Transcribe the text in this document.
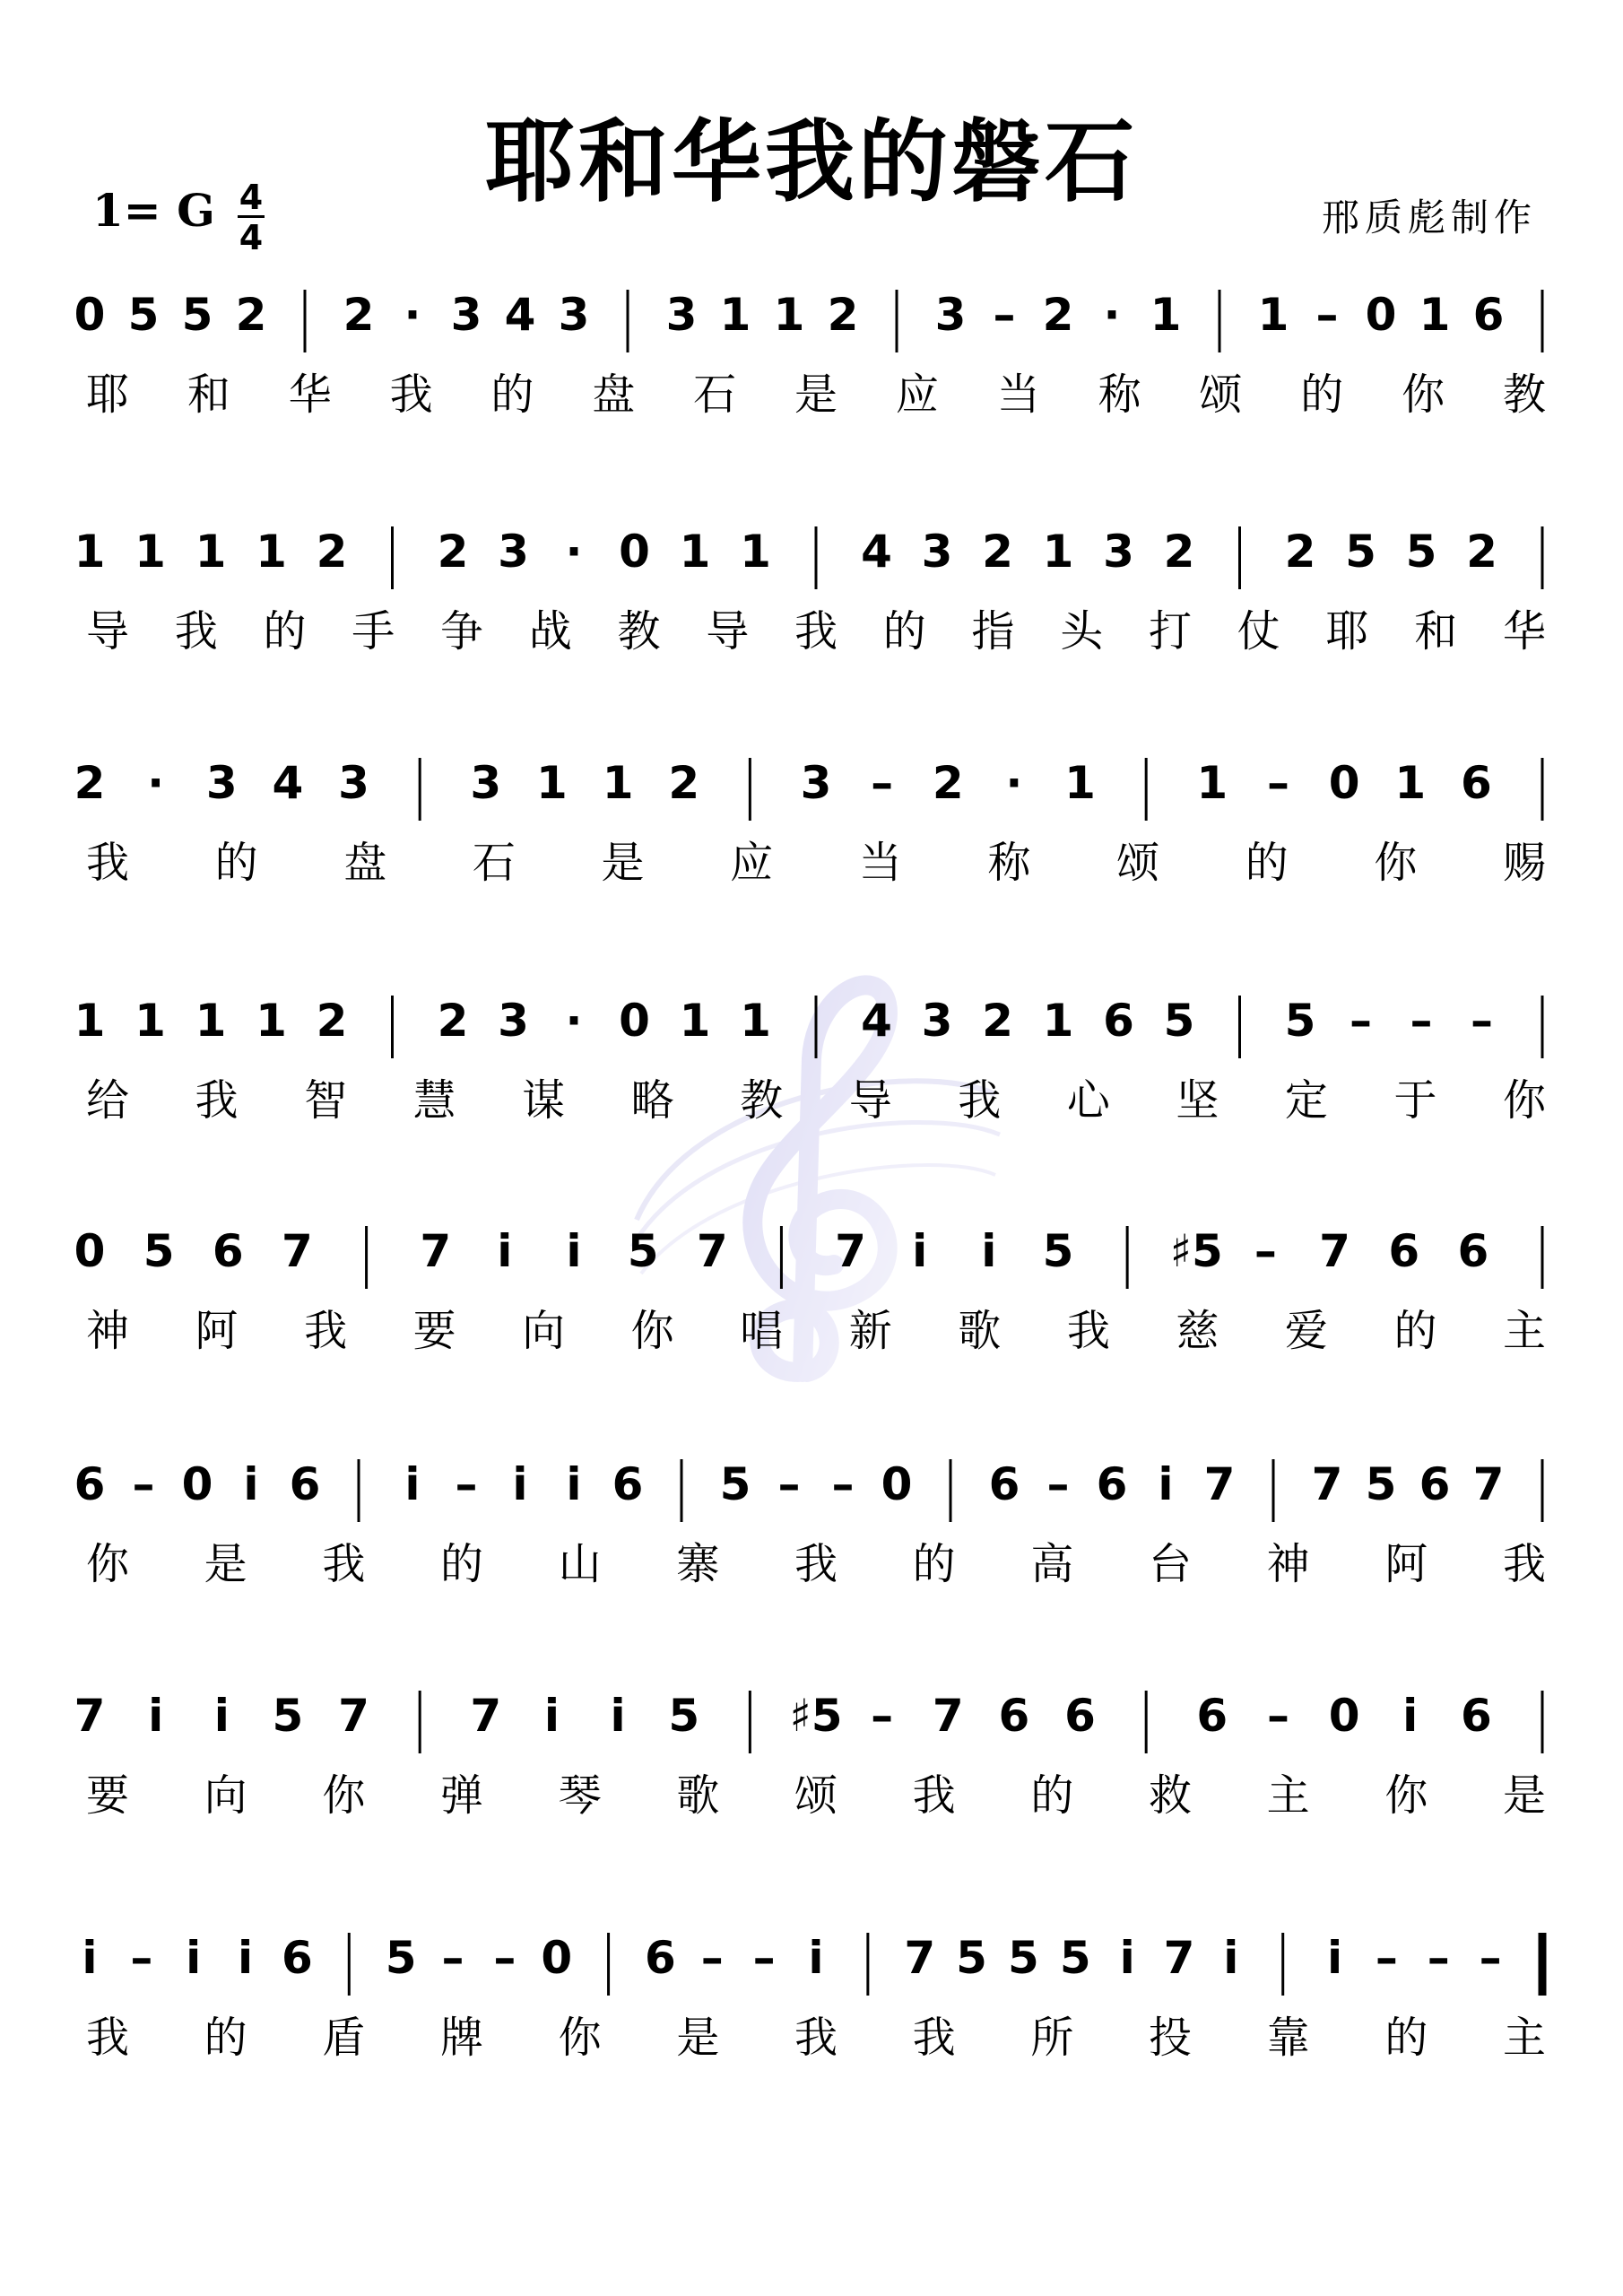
耶和华我的磐石
1= G 4
4	邢质彪制作
0 5 5 2 2 · 3 4 3 3 1 1 2 3 – 2 · 1 1 – 0 1 6
耶 和 华 我 的 盘 石 是 应 当 称 颂 的 你 教
1 1 1 1 2 2 3 · 0 1 1 4 3 2 1 3 2 2 5 5 2
导 我 的 手 争 战 教 导 我 的 指 头 打 仗 耶 和 华
2 · 3 4 3 3 1 1 2 3 – 2 · 1 1 – 0 1 6
我 的 盘 石 是 应 当 称 颂 的 你 赐
1 1 1 1 2 2 3 · 0 1 1 4 3 2 1 6 5 5 – – –
给 我 智 慧 谋 略 教 导 我 心 坚 定 于 你
0 5 6 7 7 i i 5 7 7 i i 5 ♯5 – 7 6 6
神 阿 我 要 向 你 唱 新 歌 我 慈 爱 的 主
6 – 0 i 6 i – i i 6 5 – – 0 6 – 6 i 7 7 5 6 7
你 是 我 的 山 寨 我 的 高 台 神 阿 我
7 i i 5 7 7 i i 5 ♯5 – 7 6 6 6 – 0 i 6
要 向 你 弹 琴 歌 颂 我 的 救 主 你 是
i – i i 6 5 – – 0 6 – – i 7 5 5 5 i 7 i i – – –
我 的 盾 牌 你 是 我 我 所 投 靠 的 主
